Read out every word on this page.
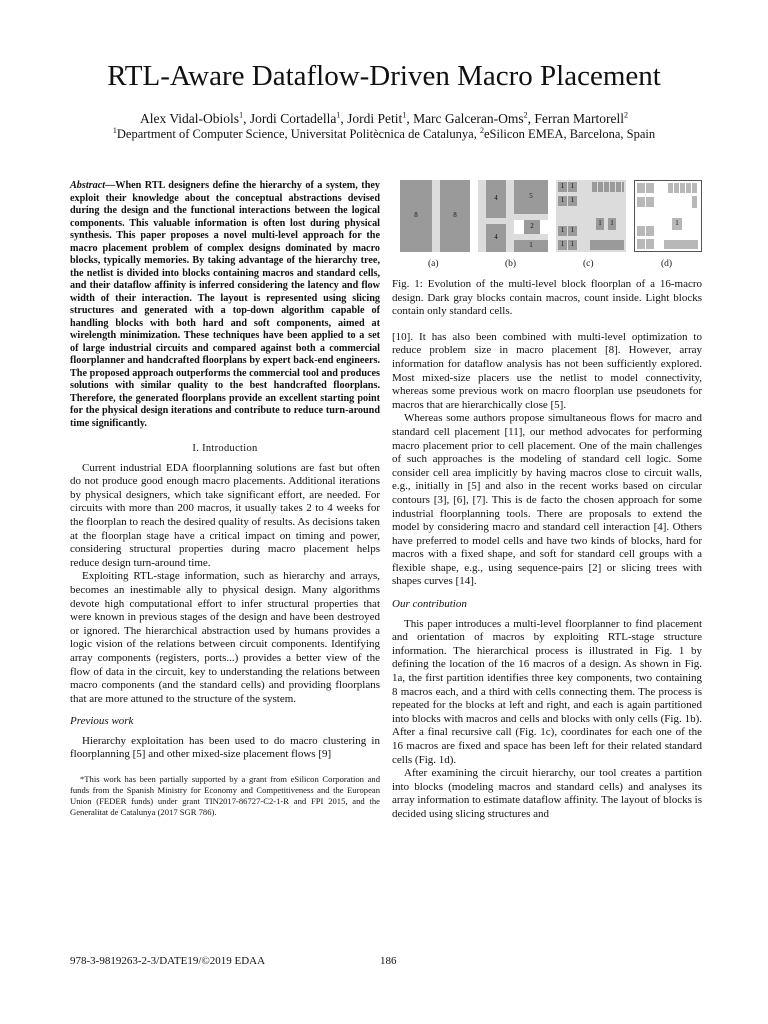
RTL-Aware Dataflow-Driven Macro Placement
Alex Vidal-Obiols$^1$, Jordi Cortadella$^1$, Jordi Petit$^1$, Marc Galceran-Oms$^2$, Ferran Martorell$^2$
$^1$Department of Computer Science, Universitat Politècnica de Catalunya, $^2$eSilicon EMEA, Barcelona, Spain
Abstract—When RTL designers define the hierarchy of a system, they exploit their knowledge about the conceptual abstractions devised during the design and the functional interactions between the logical components. This valuable information is often lost during physical synthesis. This paper proposes a novel multi-level approach for the macro placement problem of complex designs dominated by macro blocks, typically memories. By taking advantage of the hierarchy tree, the netlist is divided into blocks containing macros and standard cells, and their dataflow affinity is inferred considering the latency and flow width of their interaction. The layout is represented using slicing structures and generated with a top-down algorithm capable of handling blocks with both hard and soft components, aimed at wirelength minimization. These techniques have been applied to a set of large industrial circuits and compared against both a commercial floorplanner and handcrafted floorplans by expert back-end engineers. The proposed approach outperforms the commercial tool and produces solutions with similar quality to the best handcrafted floorplans. Therefore, the generated floorplans provide an excellent starting point for the physical design iterations and contribute to reduce turn-around time significantly.
I. Introduction

Current industrial EDA floorplanning solutions are fast but often do not produce good enough macro placements. Additional iterations by physical designers, which take significant effort, are needed. For circuits with more than 200 macros, it usually takes 2 to 4 weeks for the floorplan to reach the desired quality of results. As decisions taken at the floorplan stage have a critical impact on timing and power, considering structural properties during macro placement helps reduce design turn-around time.

Exploiting RTL-stage information, such as hierarchy and arrays, becomes an inestimable ally to physical design. Many algorithms devote high computational effort to infer structural properties that were known in previous stages of the design and have been destroyed or ignored. The hierarchical abstraction used by humans provides a logic vision of the relations between circuit components. Identifying array components (registers, ports...) provides a better view of the flow of data in the circuit, key to understanding the relations between macro components (and the standard cells) and providing floorplans that are more attuned to the structure of the system.

Previous work

Hierarchy exploitation has been used to do macro clustering in floorplanning [5] and other mixed-size placement flows [9]

*This work has been partially supported by a grant from eSilicon Corporation and funds from the Spanish Ministry for Economy and Competitiveness and the European Union (FEDER funds) under grant TIN2017-86727-C2-1-R and FPI 2015, and the Generalitat de Catalunya (2017 SGR 786).

8	8
4
4
5
2
1
1 1
1 1
1 1
1 1
1	1	1
(a)	(b)	(c)	(d)
Fig. 1: Evolution of the multi-level block floorplan of a 16-macro design. Dark gray blocks contain macros, count inside. Light blocks contain only standard cells.

[10]. It has also been combined with multi-level optimization to reduce problem size in macro placement [8]. However, array information for dataflow analysis has not been sufficiently explored. Most mixed-size placers use the netlist to model connectivity, whereas some previous work on macro floorplan use pseudonets for macros that are hierarchically close [5].

Whereas some authors propose simultaneous flows for macro and standard cell placement [11], our method advocates for performing macro placement prior to cell placement. One of the main challenges of such approaches is the modeling of standard cell logic. Some consider cell area implicitly by having macros close to circuit walls, e.g., initially in [5] and also in the recent works based on circular contours [3], [6], [7]. This is de facto the chosen approach for some industrial floorplanning tools. There are proposals to extend the model by considering macro and standard cell interaction [4]. Others have preferred to model cells and have two kinds of blocks, hard for macros with a fixed shape, and soft for standard cell groups with a flexible shape, e.g., using sequence-pairs [2] or slicing trees with shapes curves [14].

Our contribution

This paper introduces a multi-level floorplanner to find placement and orientation of macros by exploiting RTL-stage structure information. The hierarchical process is illustrated in Fig. 1 by defining the location of the 16 macros of a design. As shown in Fig. 1a, the first partition identifies three key components, two containing 8 macros each, and a third with cells connecting them. The process is repeated for the blocks at left and right, and each is again partitioned into blocks with macros and cells and blocks with only cells (Fig. 1b). After a final recursive call (Fig. 1c), coordinates for each one of the 16 macros are fixed and space has been left for their related standard cells (Fig. 1d).

After examining the circuit hierarchy, our tool creates a partition into blocks (modeling macros and standard cells) and analyses its array information to estimate dataflow affinity. The layout of blocks is decided using slicing structures and

978-3-9819263-2-3/DATE19/©2019 EDAA	186
